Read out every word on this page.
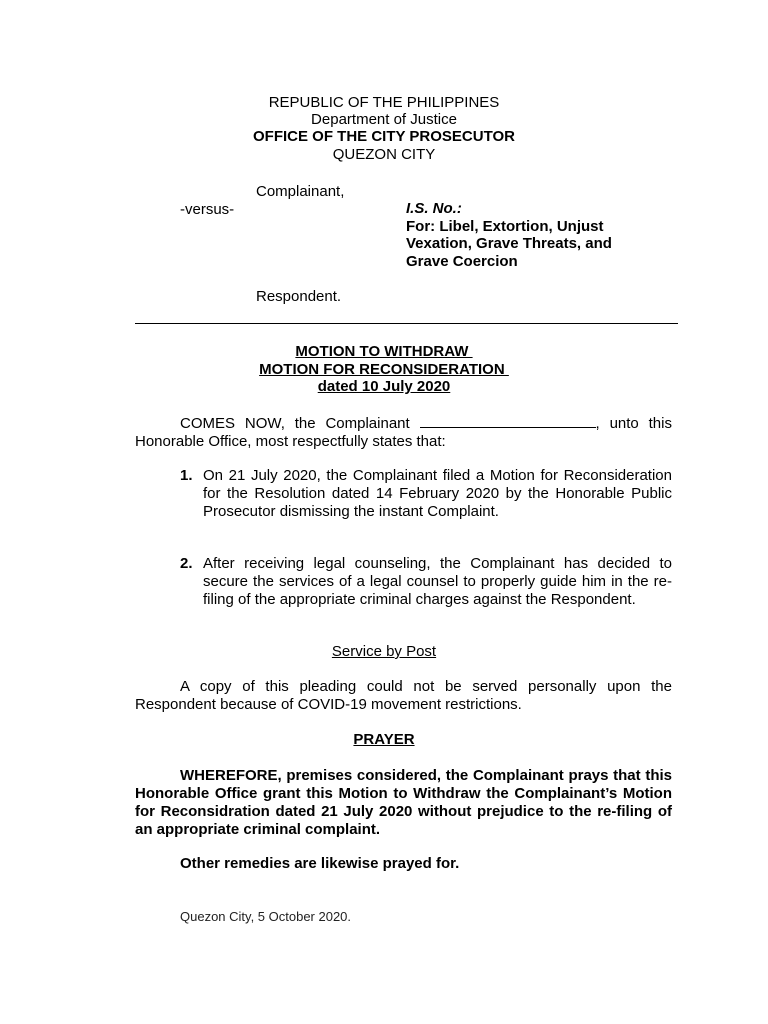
REPUBLIC OF THE PHILIPPINES
Department of Justice
OFFICE OF THE CITY PROSECUTOR
QUEZON CITY
Complainant,
-versus-	I.S. No.:
For: Libel, Extortion, Unjust
Vexation, Grave Threats, and
Grave Coercion
Respondent.
MOTION TO WITHDRAW
MOTION FOR RECONSIDERATION
dated 10 July 2020
COMES NOW, the Complainant	, unto this Honorable Office, most respectfully states that:
1. On 21 July 2020, the Complainant filed a Motion for Reconsideration for the Resolution dated 14 February 2020 by the Honorable Public Prosecutor dismissing the instant Complaint.
2. After receiving legal counseling, the Complainant has decided to secure the services of a legal counsel to properly guide him in the re-filing of the appropriate criminal charges against the Respondent.
Service by Post
A copy of this pleading could not be served personally upon the Respondent because of COVID-19 movement restrictions.
PRAYER
WHEREFORE, premises considered, the Complainant prays that this Honorable Office grant this Motion to Withdraw the Complainant’s Motion for Reconsidration dated 21 July 2020 without prejudice to the re-filing of an appropriate criminal complaint.
Other remedies are likewise prayed for.
Quezon City, 5 October 2020.
